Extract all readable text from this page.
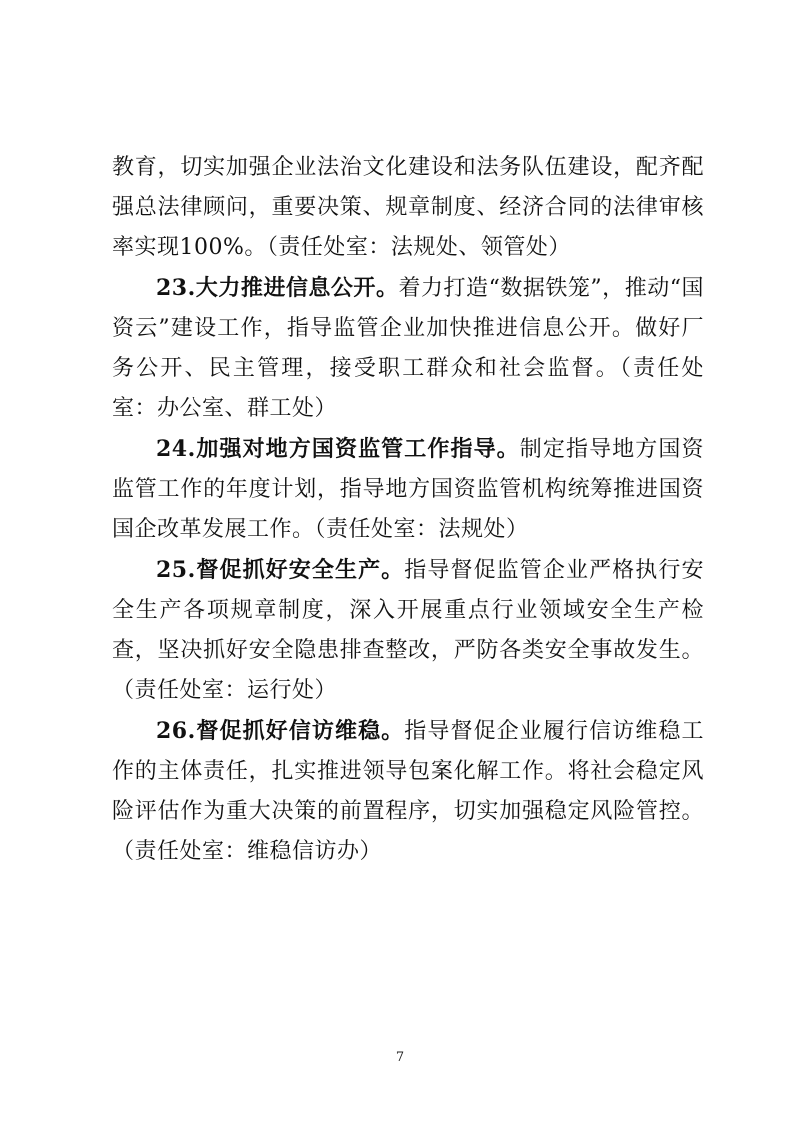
教育，切实加强企业法治文化建设和法务队伍建设，配齐配强总法律顾问，重要决策、规章制度、经济合同的法律审核率实现100%。（责任处室：法规处、领管处）

23.大力推进信息公开。着力打造“数据铁笼”，推动“国资云”建设工作，指导监管企业加快推进信息公开。做好厂务公开、民主管理，接受职工群众和社会监督。（责任处室：办公室、群工处）

24.加强对地方国资监管工作指导。制定指导地方国资监管工作的年度计划，指导地方国资监管机构统筹推进国资国企改革发展工作。（责任处室：法规处）

25.督促抓好安全生产。指导督促监管企业严格执行安全生产各项规章制度，深入开展重点行业领域安全生产检查，坚决抓好安全隐患排查整改，严防各类安全事故发生。（责任处室：运行处）

26.督促抓好信访维稳。指导督促企业履行信访维稳工作的主体责任，扎实推进领导包案化解工作。将社会稳定风险评估作为重大决策的前置程序，切实加强稳定风险管控。（责任处室：维稳信访办）

7
